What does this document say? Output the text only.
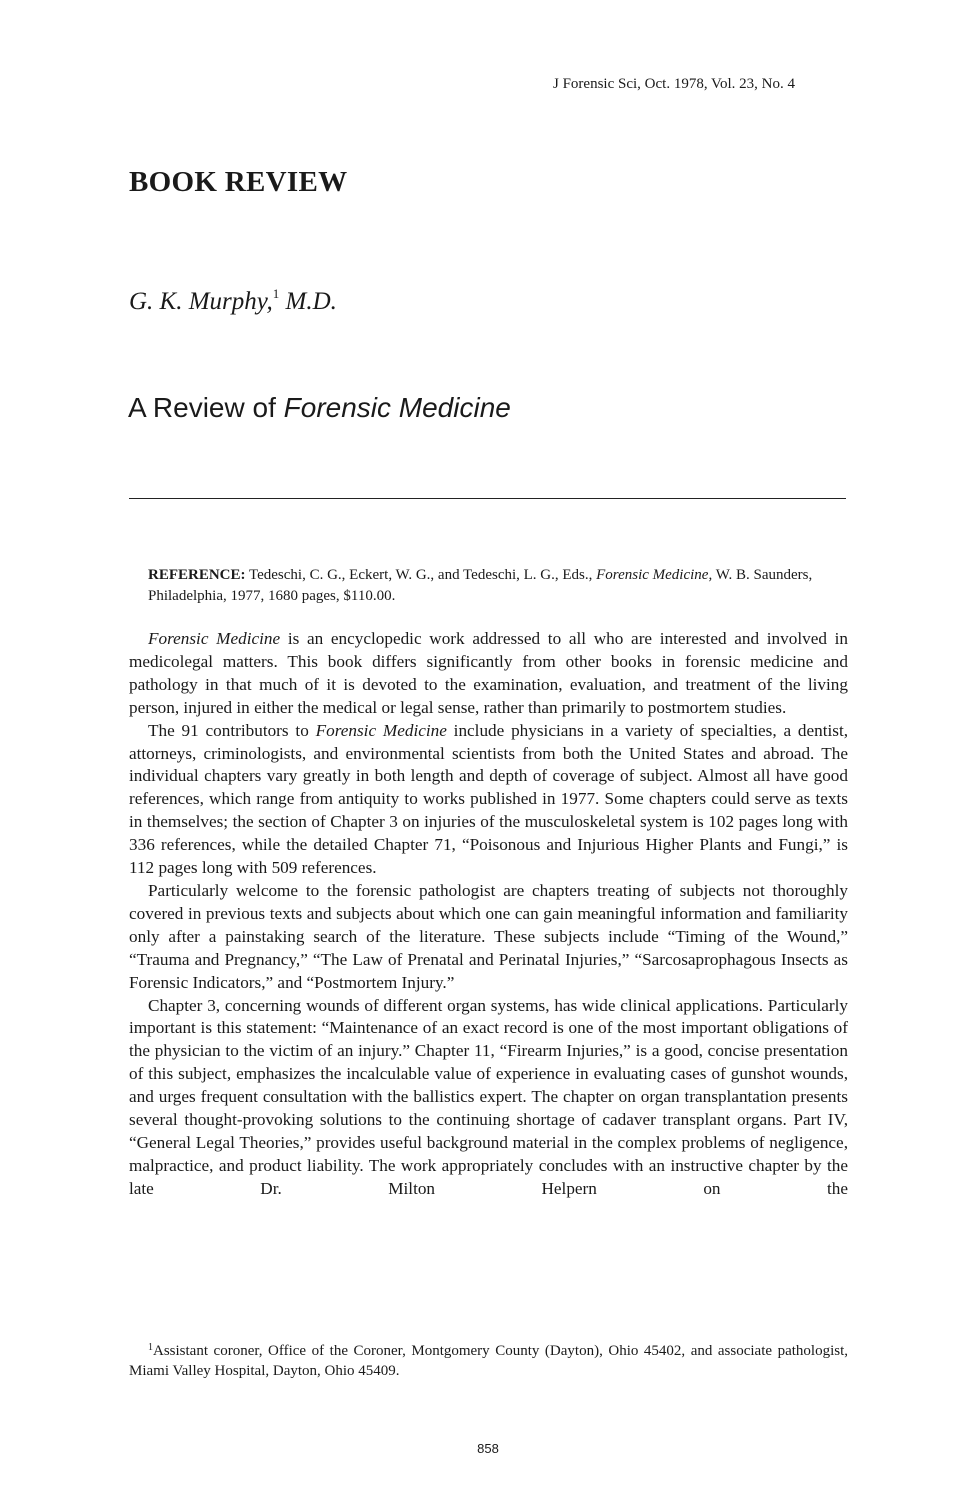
J Forensic Sci, Oct. 1978, Vol. 23, No. 4
BOOK REVIEW
G. K. Murphy,$^1$ M.D.
A Review of Forensic Medicine
REFERENCE: Tedeschi, C. G., Eckert, W. G., and Tedeschi, L. G., Eds., Forensic Medicine, W. B. Saunders, Philadelphia, 1977, 1680 pages, $110.00.

Forensic Medicine is an encyclopedic work addressed to all who are interested and involved in medicolegal matters. This book differs significantly from other books in forensic medicine and pathology in that much of it is devoted to the examination, evaluation, and treatment of the living person, injured in either the medical or legal sense, rather than primarily to postmortem studies.

The 91 contributors to Forensic Medicine include physicians in a variety of specialties, a dentist, attorneys, criminologists, and environmental scientists from both the United States and abroad. The individual chapters vary greatly in both length and depth of coverage of subject. Almost all have good references, which range from antiquity to works published in 1977. Some chapters could serve as texts in themselves; the section of Chapter 3 on injuries of the musculoskeletal system is 102 pages long with 336 references, while the detailed Chapter 71, “Poisonous and Injurious Higher Plants and Fungi,” is 112 pages long with 509 references.

Particularly welcome to the forensic pathologist are chapters treating of subjects not thoroughly covered in previous texts and subjects about which one can gain meaningful information and familiarity only after a painstaking search of the literature. These subjects include “Timing of the Wound,” “Trauma and Pregnancy,” “The Law of Prenatal and Perinatal Injuries,” “Sarcosaprophagous Insects as Forensic Indicators,” and “Postmortem Injury.”

Chapter 3, concerning wounds of different organ systems, has wide clinical applications. Particularly important is this statement: “Maintenance of an exact record is one of the most important obligations of the physician to the victim of an injury.” Chapter 11, “Firearm Injuries,” is a good, concise presentation of this subject, emphasizes the incalculable value of experience in evaluating cases of gunshot wounds, and urges frequent consultation with the ballistics expert. The chapter on organ transplantation presents several thought-provoking solutions to the continuing shortage of cadaver transplant organs. Part IV, “General Legal Theories,” provides useful background material in the complex problems of negligence, malpractice, and product liability. The work appropriately concludes with an instructive chapter by the late Dr. Milton Helpern on the

$^1$Assistant coroner, Office of the Coroner, Montgomery County (Dayton), Ohio 45402, and associate pathologist, Miami Valley Hospital, Dayton, Ohio 45409.
858
